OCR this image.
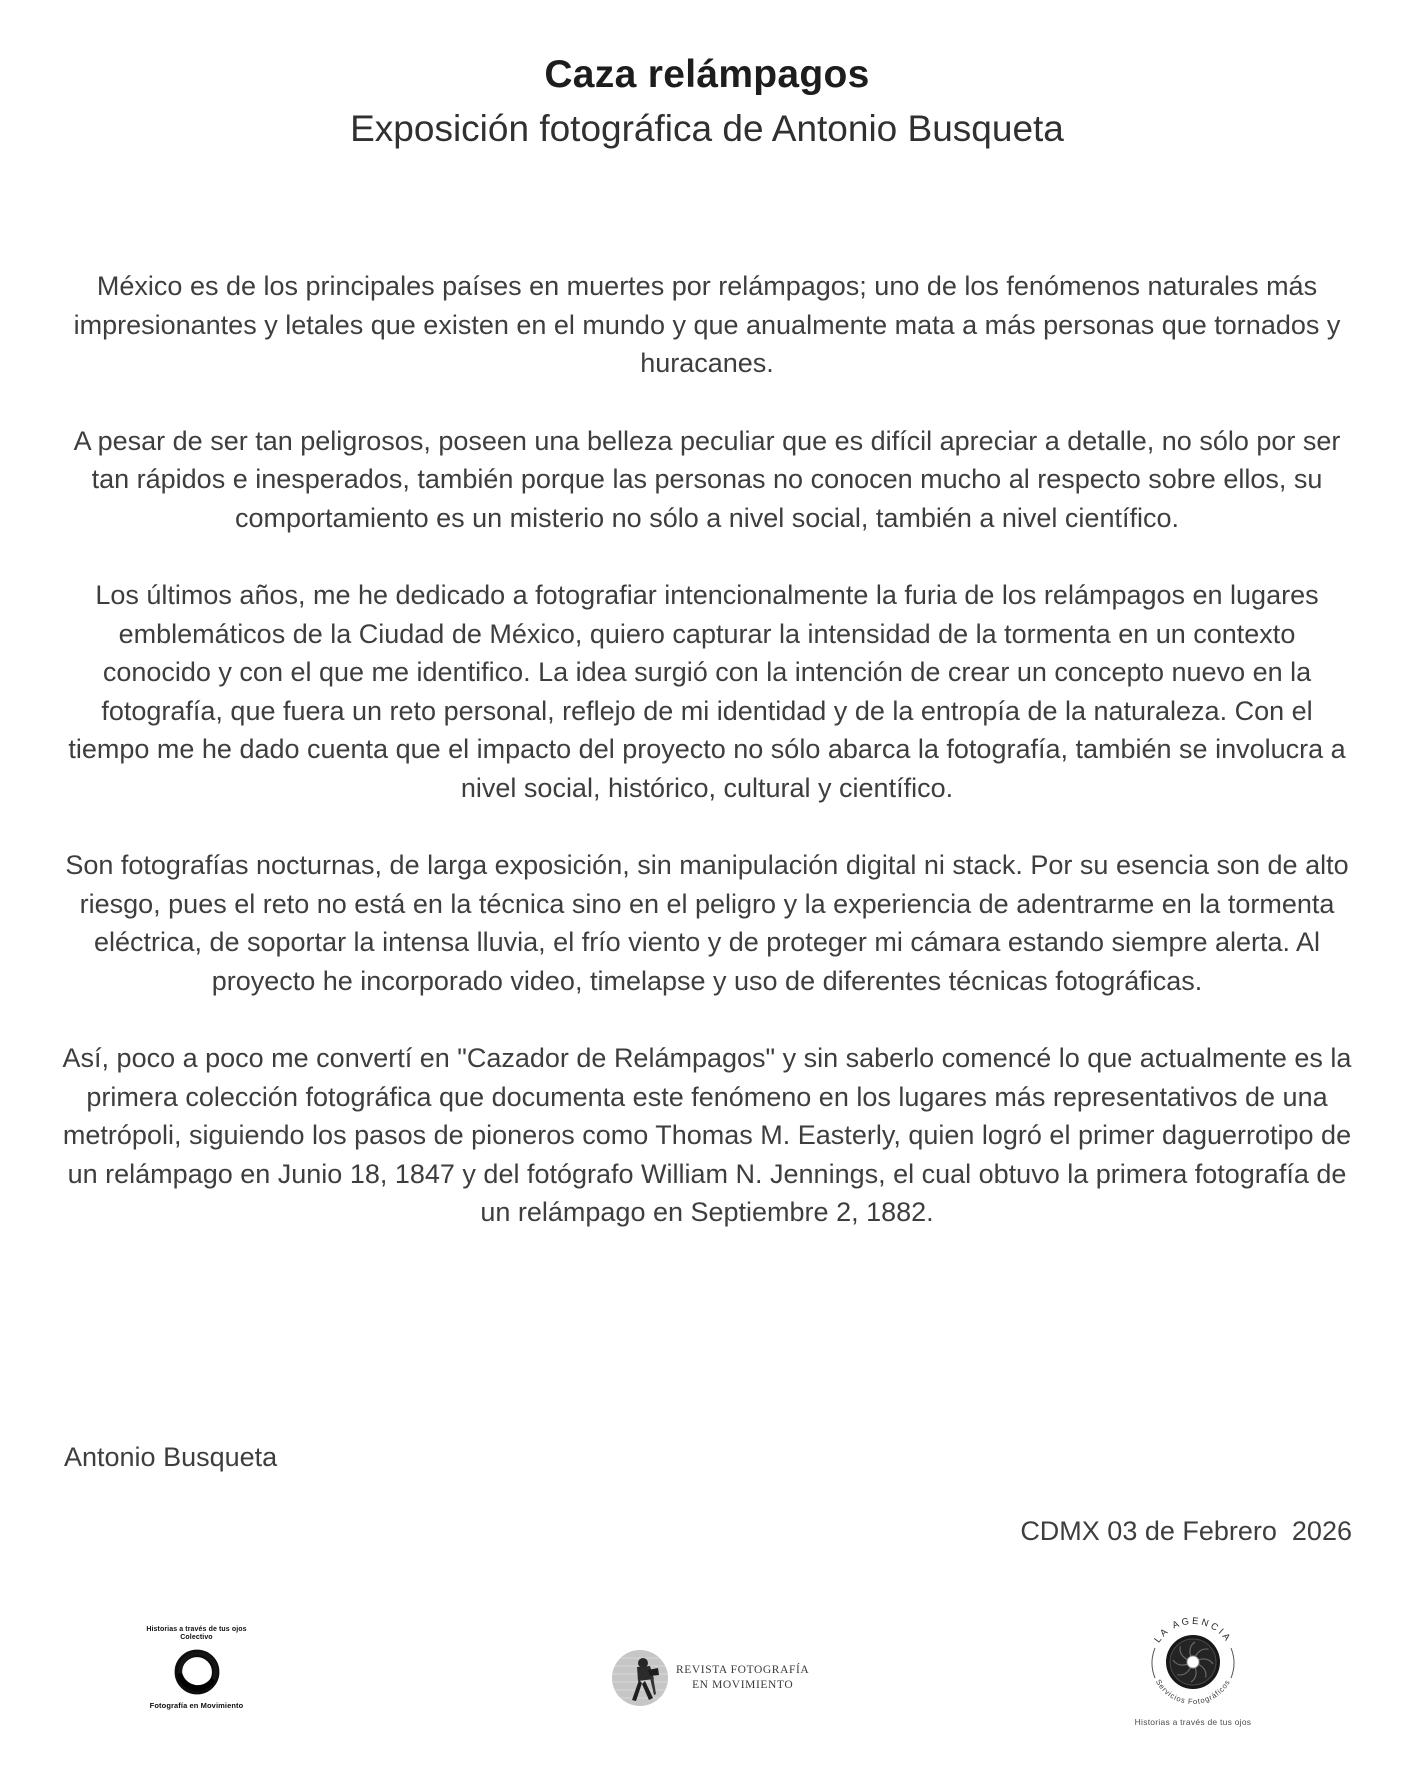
Caza relámpagos
Exposición fotográfica de Antonio Busqueta

México es de los principales países en muertes por relámpagos; uno de los fenómenos naturales más impresionantes y letales que existen en el mundo y que anualmente mata a más personas que tornados y huracanes.

A pesar de ser tan peligrosos, poseen una belleza peculiar que es difícil apreciar a detalle, no sólo por ser tan rápidos e inesperados, también porque las personas no conocen mucho al respecto sobre ellos, su comportamiento es un misterio no sólo a nivel social, también a nivel científico.

Los últimos años, me he dedicado a fotografiar intencionalmente la furia de los relámpagos en lugares emblemáticos de la Ciudad de México, quiero capturar la intensidad de la tormenta en un contexto conocido y con el que me identifico. La idea surgió con la intención de crear un concepto nuevo en la fotografía, que fuera un reto personal, reflejo de mi identidad y de la entropía de la naturaleza. Con el tiempo me he dado cuenta que el impacto del proyecto no sólo abarca la fotografía, también se involucra a nivel social, histórico, cultural y científico.

Son fotografías nocturnas, de larga exposición, sin manipulación digital ni stack. Por su esencia son de alto riesgo, pues el reto no está en la técnica sino en el peligro y la experiencia de adentrarme en la tormenta eléctrica, de soportar la intensa lluvia, el frío viento y de proteger mi cámara estando siempre alerta. Al proyecto he incorporado video, timelapse y uso de diferentes técnicas fotográficas.

Así, poco a poco me convertí en "Cazador de Relámpagos" y sin saberlo comencé lo que actualmente es la primera colección fotográfica que documenta este fenómeno en los lugares más representativos de una metrópoli, siguiendo los pasos de pioneros como Thomas M. Easterly, quien logró el primer daguerrotipo de un relámpago en Junio 18, 1847 y del fotógrafo William N. Jennings, el cual obtuvo la primera fotografía de un relámpago en Septiembre 2, 1882.

Antonio Busqueta

CDMX 03 de Febrero  2026

Historias a través de tus ojos

Colectivo

Fotografía en Movimiento

REVISTA FOTOGRAFÍA
EN MOVIMIENTO
LA AGENCIA
Servicios Fotográficos

Historias a través de tus ojos
